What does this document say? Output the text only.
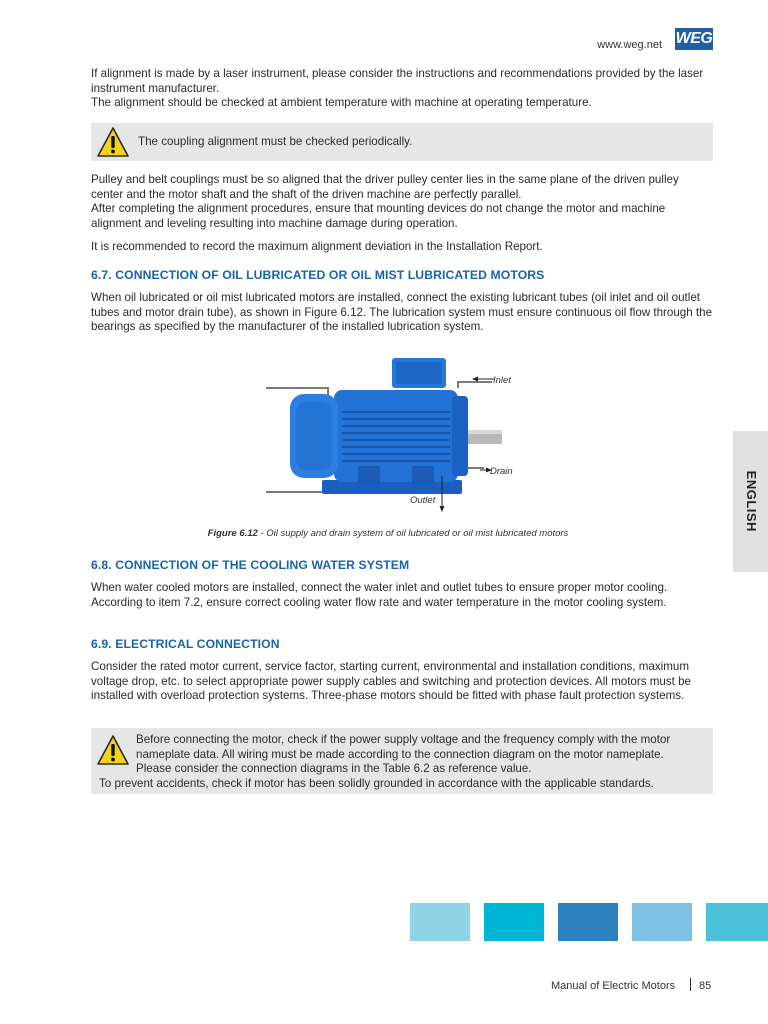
www.weg.net WEG

If alignment is made by a laser instrument, please consider the instructions and recommendations provided by the laser instrument manufacturer.

The alignment should be checked at ambient temperature with machine at operating temperature.

The coupling alignment must be checked periodically.

Pulley and belt couplings must be so aligned that the driver pulley center lies in the same plane of the driven pulley center and the motor shaft and the shaft of the driven machine are perfectly parallel.

After completing the alignment procedures, ensure that mounting devices do not change the motor and machine alignment and leveling resulting into machine damage during operation.

It is recommended to record the maximum alignment deviation in the Installation Report.
6.7. CONNECTION OF OIL LUBRICATED OR OIL MIST LUBRICATED MOTORS
When oil lubricated or oil mist lubricated motors are installed, connect the existing lubricant tubes (oil inlet and oil outlet tubes and motor drain tube), as shown in Figure 6.12. The lubrication system must ensure continuous oil flow through the bearings as specified by the manufacturer of the installed lubrication system.
Inlet
Drain
Outlet
Figure 6.12 - Oil supply and drain system of oil lubricated or oil mist lubricated motors
6.8. CONNECTION OF THE COOLING WATER SYSTEM
When water cooled motors are installed, connect the water inlet and outlet tubes to ensure proper motor cooling. According to item 7.2, ensure correct cooling water flow rate and water temperature in the motor cooling system.
6.9. ELECTRICAL CONNECTION
Consider the rated motor current, service factor, starting current, environmental and installation conditions, maximum voltage drop, etc. to select appropriate power supply cables and switching and protection devices. All motors must be installed with overload protection systems. Three-phase motors should be fitted with phase fault protection systems.
Before connecting the motor, check if the power supply voltage and the frequency comply with the motor nameplate data. All wiring must be made according to the connection diagram on the motor nameplate. Please consider the connection diagrams in the Table 6.2 as reference value.
To prevent accidents, check if motor has been solidly grounded in accordance with the applicable standards.
ENGLISH
Manual of Electric Motors 85
